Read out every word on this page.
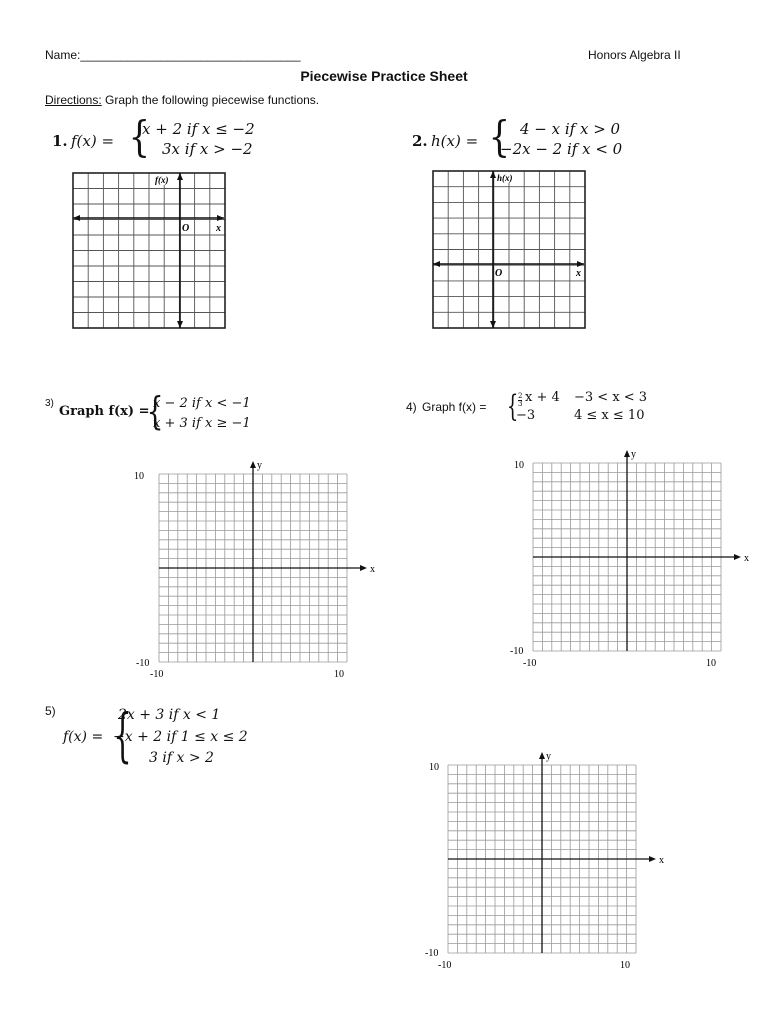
Name:_________________________________	Honors Algebra II
Piecewise Practice Sheet
Directions: Graph the following piecewise functions.
1. f(x) = {
x + 2 if x ≤ −2
3x if x > −2	2. h(x) = { 4 − x if x > 0
−2x − 2 if x < 0
f(x)
O	x
h(x)
O	x
3)
Graph f(x) =
{
x − 2 if x < −1
x + 3 if x ≥ −1
4) Graph f(x) = { $\frac{2}{3}$ x + 4 −3 < x < 3
−3	4 ≤ x ≤ 10
5)
f(x) = {
2x + 3 if x < 1
−x + 2 if 1 ≤ x ≤ 2
3 if x > 2
x
y
10
-10
-10	10
x
y
10
-10
-10	10
x
y
10
-10
-10	10
